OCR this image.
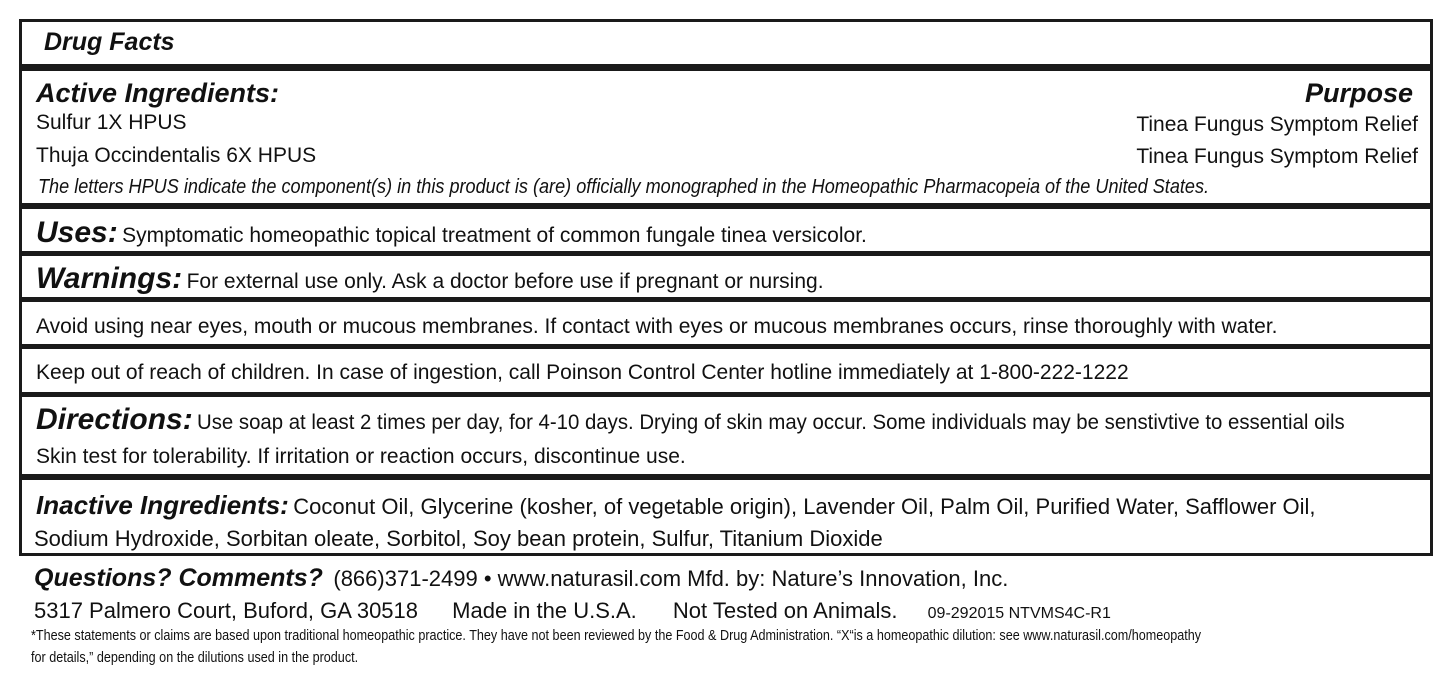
Drug Facts
Active Ingredients:	Purpose
Sulfur 1X HPUS	Tinea Fungus Symptom Relief
Thuja Occindentalis 6X HPUS	Tinea Fungus Symptom Relief
The letters HPUS indicate the component(s) in this product is (are) officially monographed in the Homeopathic Pharmacopeia of the United States.
Uses: Symptomatic homeopathic topical treatment of common fungale tinea versicolor.
Warnings: For external use only. Ask a doctor before use if pregnant or nursing.
Avoid using near eyes, mouth or mucous membranes. If contact with eyes or mucous membranes occurs, rinse thoroughly with water.
Keep out of reach of children. In case of ingestion, call Poinson Control Center hotline immediately at 1-800-222-1222
Directions: Use soap at least 2 times per day, for 4-10 days. Drying of skin may occur. Some individuals may be senstivtive to essential oils
Skin test for tolerability. If irritation or reaction occurs, discontinue use.
Inactive Ingredients: Coconut Oil, Glycerine (kosher, of vegetable origin), Lavender Oil, Palm Oil, Purified Water, Safflower Oil,
Sodium Hydroxide, Sorbitan oleate, Sorbitol, Soy bean protein, Sulfur, Titanium Dioxide
Questions? Comments? (866)371-2499 • www.naturasil.com Mfd. by: Nature’s Innovation, Inc.
5317 Palmero Court, Buford, GA 30518 Made in the U.S.A. Not Tested on Animals. 09-292015 NTVMS4C-R1
*These statements or claims are based upon traditional homeopathic practice. They have not been reviewed by the Food & Drug Administration. “X“is a homeopathic dilution: see www.naturasil.com/homeopathy
for details,” depending on the dilutions used in the product.
